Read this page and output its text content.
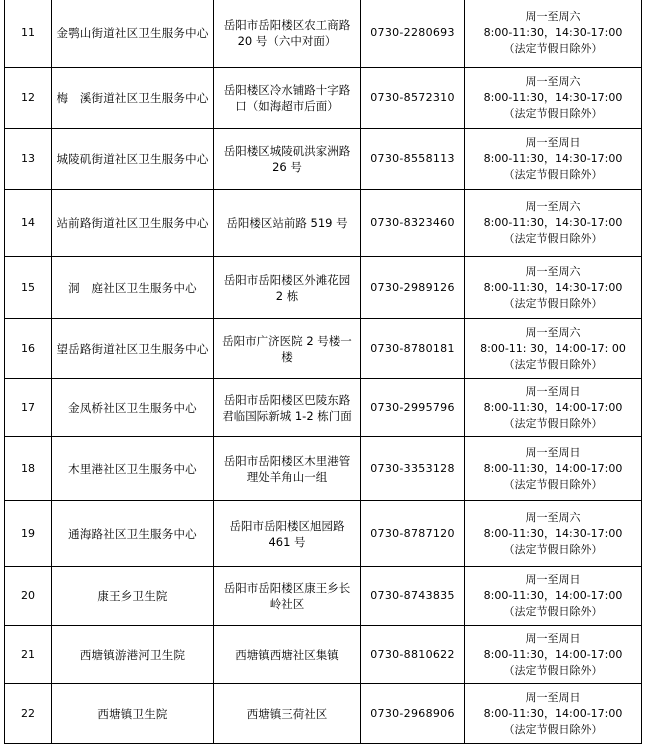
11	金鹗山街道社区卫生服务中心	岳阳市岳阳楼区农工商路 20 号（六中对面）	0730-2280693	周一至周六
8:00-11:30，14:30-17:00
（法定节假日除外）

12	梅　溪街道社区卫生服务中心	岳阳楼区冷水铺路十字路口（如海超市后面）	0730-8572310	周一至周六
8:00-11:30，14:30-17:00
（法定节假日除外）

13	城陵矶街道社区卫生服务中心	岳阳楼区城陵矶洪家洲路 26 号	0730-8558113	周一至周日
8:00-11:30，14:30-17:00
（法定节假日除外）

14	站前路街道社区卫生服务中心	岳阳楼区站前路 519 号	0730-8323460	周一至周六
8:00-11:30，14:30-17:00
（法定节假日除外）

15	洞　庭社区卫生服务中心	岳阳市岳阳楼区外滩花园 2 栋	0730-2989126	周一至周六
8:00-11:30，14:30-17:00
（法定节假日除外）

16	望岳路街道社区卫生服务中心	岳阳市广济医院 2 号楼一楼	0730-8780181	周一至周六
8:00-11: 30，14:00-17: 00
（法定节假日除外）

17	金凤桥社区卫生服务中心	岳阳市岳阳楼区巴陵东路君临国际新城 1-2 栋门面	0730-2995796	周一至周日
8:00-11:30，14:00-17:00
（法定节假日除外）

18	木里港社区卫生服务中心	岳阳市岳阳楼区木里港管理处羊角山一组	0730-3353128	周一至周日
8:00-11:30，14:00-17:00
（法定节假日除外）

19	通海路社区卫生服务中心	岳阳市岳阳楼区旭园路 461 号	0730-8787120	周一至周六
8:00-11:30，14:30-17:00
（法定节假日除外）

20	康王乡卫生院	岳阳市岳阳楼区康王乡长岭社区	0730-8743835	周一至周日
8:00-11:30，14:00-17:00
（法定节假日除外）

21	西塘镇游港河卫生院	西塘镇西塘社区集镇	0730-8810622	周一至周日
8:00-11:30，14:00-17:00
（法定节假日除外）

22	西塘镇卫生院	西塘镇三荷社区	0730-2968906	周一至周日
8:00-11:30，14:00-17:00
（法定节假日除外）
